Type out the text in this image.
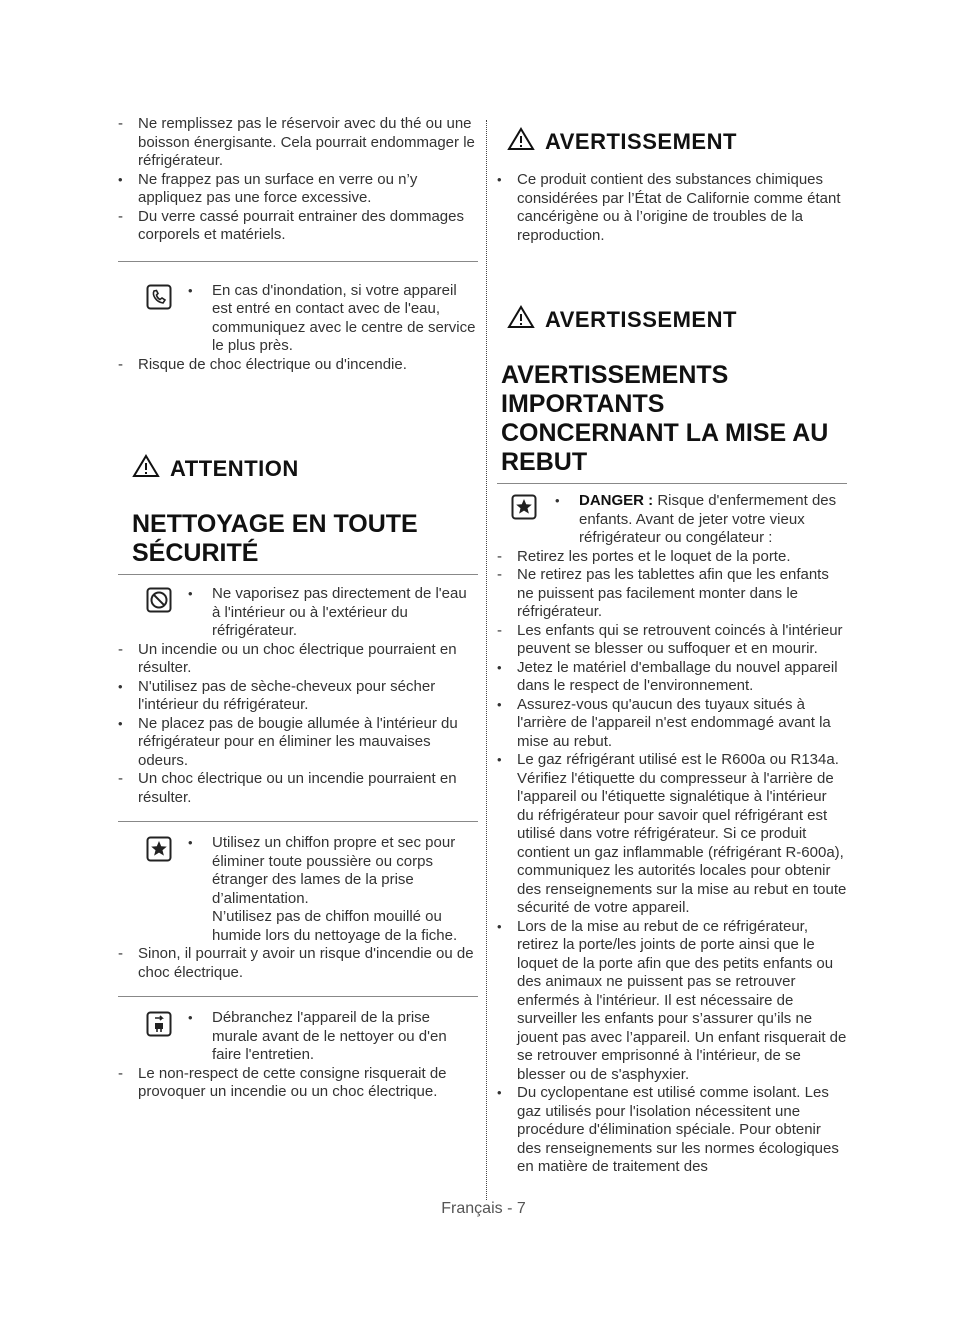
-	Ne remplissez pas le réservoir avec du thé ou une boisson énergisante. Cela pourrait endommager le réfrigérateur.
•	Ne frappez pas un surface en verre ou n’y appliquez pas une force excessive.
-	Du verre cassé pourrait entrainer des dommages corporels et matériels.
•	En cas d'inondation, si votre appareil est entré en contact avec de l'eau, communiquez avec le centre de service le plus près.
-	Risque de choc électrique ou d'incendie.
ATTENTION
NETTOYAGE EN TOUTE SÉCURITÉ
•	Ne vaporisez pas directement de l'eau à l'intérieur ou à l'extérieur du réfrigérateur.
-	Un incendie ou un choc électrique pourraient en résulter.
•	N'utilisez pas de sèche-cheveux pour sécher l'intérieur du réfrigérateur.
•	Ne placez pas de bougie allumée à l'intérieur du réfrigérateur pour en éliminer les mauvaises odeurs.
-	Un choc électrique ou un incendie pourraient en résulter.
•	Utilisez un chiffon propre et sec pour éliminer toute poussière ou corps étranger des lames de la prise d’alimentation.
N’utilisez pas de chiffon mouillé ou humide lors du nettoyage de la fiche.
-	Sinon, il pourrait y avoir un risque d'incendie ou de choc électrique.
•	Débranchez l'appareil de la prise murale avant de le nettoyer ou d'en faire l'entretien.
-	Le non-respect de cette consigne risquerait de provoquer un incendie ou un choc électrique.
AVERTISSEMENT
•	Ce produit contient des substances chimiques considérées par l’État de Californie comme étant cancérigène ou à l’origine de troubles de la reproduction.
AVERTISSEMENT
AVERTISSEMENTS IMPORTANTS CONCERNANT LA MISE AU REBUT
•	DANGER : Risque d'enfermement des enfants. Avant de jeter votre vieux réfrigérateur ou congélateur :
-	Retirez les portes et le loquet de la porte.
-	Ne retirez pas les tablettes afin que les enfants ne puissent pas facilement monter dans le réfrigérateur.
-	Les enfants qui se retrouvent coincés à l'intérieur peuvent se blesser ou suffoquer et en mourir.
•	Jetez le matériel d'emballage du nouvel appareil dans le respect de l'environnement.
•	Assurez-vous qu'aucun des tuyaux situés à l'arrière de l'appareil n'est endommagé avant la mise au rebut.
•	Le gaz réfrigérant utilisé est le R600a ou R134a. Vérifiez l'étiquette du compresseur à l'arrière de l'appareil ou l'étiquette signalétique à l'intérieur du réfrigérateur pour savoir quel réfrigérant est utilisé dans votre réfrigérateur. Si ce produit contient un gaz inflammable (réfrigérant R-600a), communiquez les autorités locales pour obtenir des renseignements sur la mise au rebut en toute sécurité de votre appareil.
•	Lors de la mise au rebut de ce réfrigérateur, retirez la porte/les joints de porte ainsi que le loquet de la porte afin que des petits enfants ou des animaux ne puissent pas se retrouver enfermés à l'intérieur. Il est nécessaire de surveiller les enfants pour s’assurer qu’ils ne jouent pas avec l’appareil. Un enfant risquerait de se retrouver emprisonné à l'intérieur, de se blesser ou de s'asphyxier.
•	Du cyclopentane est utilisé comme isolant. Les gaz utilisés pour l'isolation nécessitent une procédure d'élimination spéciale. Pour obtenir des renseignements sur les normes écologiques en matière de traitement des
Français - 7
